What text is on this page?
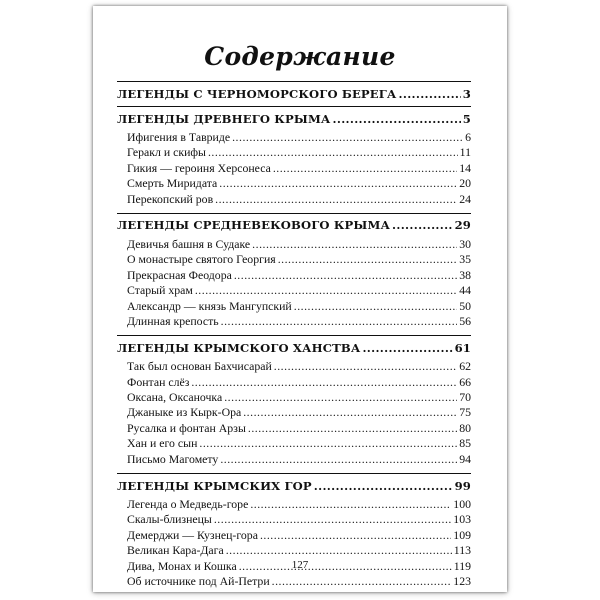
Содержание
ЛЕГЕНДЫ С ЧЕРНОМОРСКОГО БЕРЕГА .....	3
ЛЕГЕНДЫ ДРЕВНЕГО КРЫМА .....	5
Ифигения в Тавриде .....	6
Геракл и скифы .....	11
Гикия — героиня Херсонеса .....	14
Смерть Миридата .....	20
Перекопский ров .....	24
ЛЕГЕНДЫ СРЕДНЕВЕКОВОГО КРЫМА .....	29
Девичья башня в Судаке .....	30
О монастыре святого Георгия .....	35
Прекрасная Феодора .....	38
Старый храм .....	44
Александр — князь Мангупский .....	50
Длинная крепость .....	56
ЛЕГЕНДЫ КРЫМСКОГО ХАНСТВА .....	61
Так был основан Бахчисарай .....	62
Фонтан слёз .....	66
Оксана, Оксаночка .....	70
Джаныке из Кырк-Ора .....	75
Русалка и фонтан Арзы .....	80
Хан и его сын .....	85
Письмо Магомету .....	94
ЛЕГЕНДЫ КРЫМСКИХ ГОР .....	99
Легенда о Медведь-горе .....	100
Скалы-близнецы .....	103
Демерджи — Кузнец-гора .....	109
Великан Кара-Дага .....	113
Дива, Монах и Кошка .....	119
Об источнике под Ай-Петри .....	123
127
